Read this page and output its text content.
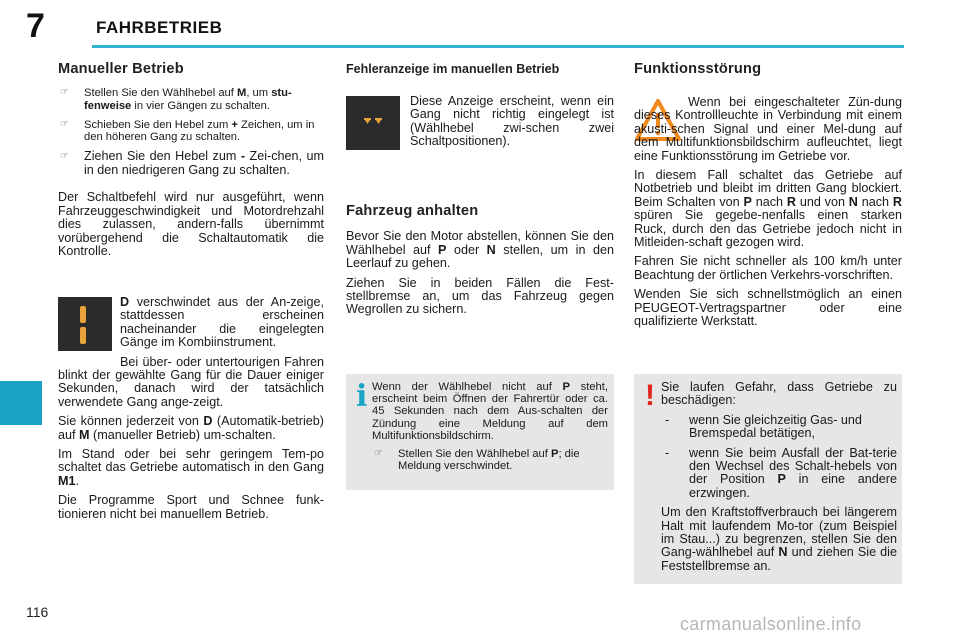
7	FAHRBETRIEB
Manueller Betrieb
☞ Stellen Sie den Wählhebel auf M, um stu-fenweise in vier Gängen zu schalten.
☞ Schieben Sie den Hebel zum + Zeichen, um in den höheren Gang zu schalten.
☞ Ziehen Sie den Hebel zum - Zei-chen, um in den niedrigeren Gang zu schalten.

Der Schaltbefehl wird nur ausgeführt, wenn Fahrzeuggeschwindigkeit und Motordrehzahl dies zulassen, andern-falls übernimmt vorübergehend die Schaltautomatik die Kontrolle.

D verschwindet aus der An-zeige, stattdessen erscheinen nacheinander die eingelegten Gänge im Kombiinstrument.

Bei über- oder untertourigen Fahren blinkt der gewählte Gang für die Dauer einiger Sekunden, danach wird der tatsächlich verwendete Gang ange-zeigt.

Sie können jederzeit von D (Automatik-betrieb) auf M (manueller Betrieb) um-schalten.

Im Stand oder bei sehr geringem Tem-po schaltet das Getriebe automatisch in den Gang M1.

Die Programme Sport und Schnee funk-tionieren nicht bei manuellem Betrieb.

Fehleranzeige im manuellen Betrieb

Diese Anzeige erscheint, wenn ein Gang nicht richtig eingelegt ist (Wählhebel zwi-schen zwei Schaltpositionen).

Fahrzeug anhalten

Bevor Sie den Motor abstellen, können Sie den Wählhebel auf P oder N stellen, um in den Leerlauf zu gehen.

Ziehen Sie in beiden Fällen die Fest-stellbremse an, um das Fahrzeug gegen Wegrollen zu sichern.

i Wenn der Wählhebel nicht auf P steht, erscheint beim Öffnen der Fahrertür oder ca. 45 Sekunden nach dem Aus-schalten der Zündung eine Meldung auf dem Multifunktionsbildschirm.

☞ Stellen Sie den Wählhebel auf P; die Meldung verschwindet.
Funktionsstörung

Wenn bei eingeschalteter Zün-dung dieses Kontrollleuchte in Verbindung mit einem akusti-schen Signal und einer Mel-dung auf dem Multifunktionsbildschirm aufleuchtet, liegt eine Funktionsstörung im Getriebe vor.

In diesem Fall schaltet das Getriebe auf Notbetrieb und bleibt im dritten Gang blockiert. Beim Schalten von P nach R und von N nach R spüren Sie gegebe-nenfalls einen starken Ruck, durch den das Getriebe jedoch nicht in Mitleiden-schaft gezogen wird.

Fahren Sie nicht schneller als 100 km/h unter Beachtung der örtlichen Verkehrs-vorschriften.

Wenden Sie sich schnellstmöglich an einen PEUGEOT-Vertragspartner oder eine qualifizierte Werkstatt.

! Sie laufen Gefahr, dass Getriebe zu beschädigen:

- wenn Sie gleichzeitig Gas- und Bremspedal betätigen,
- wenn Sie beim Ausfall der Bat-terie den Wechsel des Schalt-hebels von der Position P in eine andere erzwingen.

Um den Kraftstoffverbrauch bei längerem Halt mit laufendem Mo-tor (zum Beispiel im Stau...) zu begrenzen, stellen Sie den Gang-wählhebel auf N und ziehen Sie die Feststellbremse an.

116
carmanualsonline.info
